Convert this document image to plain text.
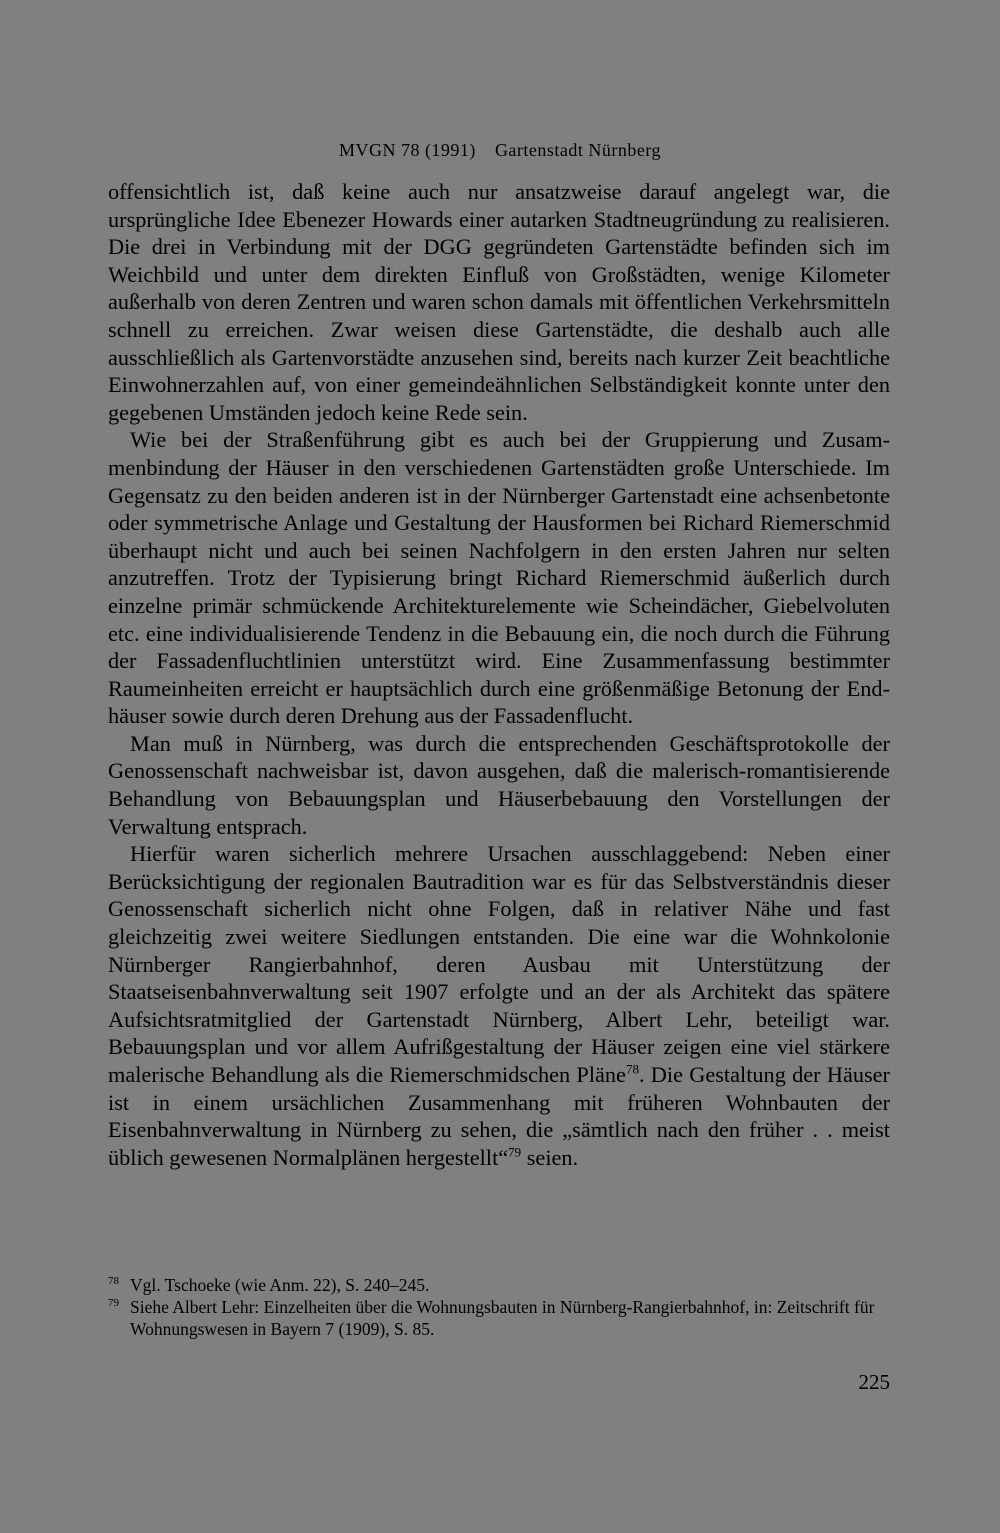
MVGN 78 (1991) Gartenstadt Nürnberg

offensichtlich ist, daß keine auch nur ansatzweise darauf angelegt war, die ursprüngliche Idee Ebenezer Howards einer autarken Stadtneugründung zu realisieren. Die drei in Verbindung mit der DGG gegründeten Gartenstädte befinden sich im Weichbild und unter dem direkten Einfluß von Großstädten, wenige Kilometer außerhalb von deren Zentren und waren schon damals mit öffentlichen Verkehrsmitteln schnell zu erreichen. Zwar weisen diese Gartenstädte, die deshalb auch alle ausschließlich als Gartenvorstädte anzusehen sind, bereits nach kurzer Zeit beachtliche Einwohnerzahlen auf, von einer gemeindeähnlichen Selbständigkeit konnte unter den gegebenen Umständen jedoch keine Rede sein.

Wie bei der Straßenführung gibt es auch bei der Gruppierung und Zusammenbindung der Häuser in den verschiedenen Gartenstädten große Unterschiede. Im Gegensatz zu den beiden anderen ist in der Nürnberger Gartenstadt eine achsenbetonte oder symmetrische Anlage und Gestaltung der Hausformen bei Richard Riemerschmid überhaupt nicht und auch bei seinen Nachfolgern in den ersten Jahren nur selten anzutreffen. Trotz der Typisierung bringt Richard Riemerschmid äußerlich durch einzelne primär schmückende Architekturelemente wie Scheindächer, Giebelvoluten etc. eine individualisierende Tendenz in die Bebauung ein, die noch durch die Führung der Fassadenfluchtlinien unterstützt wird. Eine Zusammenfassung bestimmter Raumeinheiten erreicht er hauptsächlich durch eine größenmäßige Betonung der Endhäuser sowie durch deren Drehung aus der Fassadenflucht.

Man muß in Nürnberg, was durch die entsprechenden Geschäftsprotokolle der Genossenschaft nachweisbar ist, davon ausgehen, daß die malerisch-romantisierende Behandlung von Bebauungsplan und Häuserbebauung den Vorstellungen der Verwaltung entsprach.

Hierfür waren sicherlich mehrere Ursachen ausschlaggebend: Neben einer Berücksichtigung der regionalen Bautradition war es für das Selbstverständnis dieser Genossenschaft sicherlich nicht ohne Folgen, daß in relativer Nähe und fast gleichzeitig zwei weitere Siedlungen entstanden. Die eine war die Wohnkolonie Nürnberger Rangierbahnhof, deren Ausbau mit Unterstützung der Staatseisenbahnverwaltung seit 1907 erfolgte und an der als Architekt das spätere Aufsichtsratmitglied der Gartenstadt Nürnberg, Albert Lehr, beteiligt war. Bebauungsplan und vor allem Aufrißgestaltung der Häuser zeigen eine viel stärkere malerische Behandlung als die Riemerschmidschen Pläne$^{78}$. Die Gestaltung der Häuser ist in einem ursächlichen Zusammenhang mit früheren Wohnbauten der Eisenbahnverwaltung in Nürnberg zu sehen, die „sämtlich nach den früher . . meist üblich gewesenen Normalplänen hergestellt“$^{79}$ seien.

78 Vgl. Tschoeke (wie Anm. 22), S. 240–245.
79 Siehe Albert Lehr: Einzelheiten über die Wohnungsbauten in Nürnberg-Rangierbahnhof, in: Zeitschrift für Wohnungswesen in Bayern 7 (1909), S. 85.
225
